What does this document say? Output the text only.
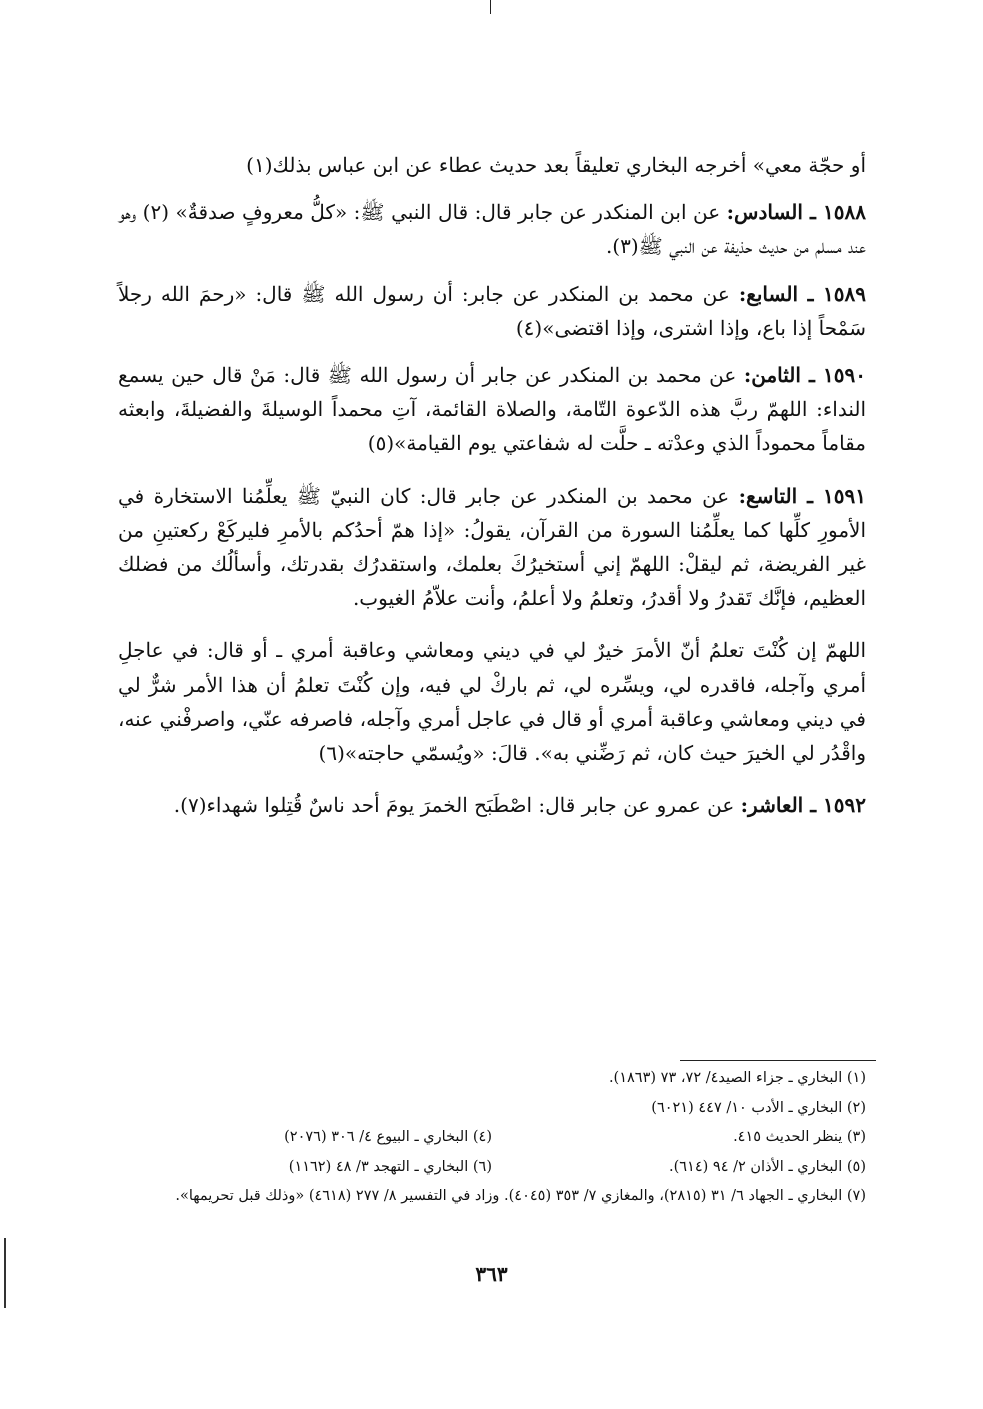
أو حجّة معي» أخرجه البخاري تعليقاً بعد حديث عطاء عن ابن عباس بذلك(١)

١٥٨٨ ـ السادس: عن ابن المنكدر عن جابر قال: قال النبي ﷺ: «كلُّ معروفٍ صدقةٌ» (٢) وهو عند مسلم من حديث حذيفة عن النبي ﷺ(٣).

١٥٨٩ ـ السابع: عن محمد بن المنكدر عن جابر: أن رسول الله ﷺ قال: «رحمَ الله رجلاً سَمْحاً إذا باع، وإذا اشترى، وإذا اقتضى»(٤)

١٥٩٠ ـ الثامن: عن محمد بن المنكدر عن جابر أن رسول الله ﷺ قال: مَنْ قال حين يسمع النداء: اللهمّ ربَّ هذه الدّعوة التّامة، والصلاة القائمة، آتِ محمداً الوسيلةَ والفضيلةَ، وابعثه مقاماً محموداً الذي وعدْته ـ حلَّت له شفاعتي يوم القيامة»(٥)

١٥٩١ ـ التاسع: عن محمد بن المنكدر عن جابر قال: كان النبيّ ﷺ يعلِّمُنا الاستخارة في الأمورِ كلِّها كما يعلِّمُنا السورة من القرآن، يقولُ: «إذا همّ أحدُكم بالأمرِ فليركَعْ ركعتينِ من غير الفريضة، ثم ليقلْ: اللهمّ إني أستخيرُكَ بعلمك، واستقدرُك بقدرتك، وأسألُك من فضلك العظيم، فإنَّك تَقدرُ ولا أقدرُ، وتعلمُ ولا أعلمُ، وأنت علاّمُ الغيوب.

اللهمّ إن كُنْتَ تعلمُ أنّ الأمرَ خيرٌ لي في ديني ومعاشي وعاقبة أمري ـ أو قال: في عاجلِ أمري وآجله، فاقدره لي، ويسِّره لي، ثم باركْ لي فيه، وإن كُنْتَ تعلمُ أن هذا الأمر شرٌّ لي في ديني ومعاشي وعاقبة أمري أو قال في عاجل أمري وآجله، فاصرفه عنّي، واصرفْني عنه، واقْدُر لي الخيرَ حيث كان، ثم رَضِّني به». قالَ: «ويُسمّي حاجته»(٦)

١٥٩٢ ـ العاشر: عن عمرو عن جابر قال: اصْطَبَح الخمرَ يومَ أحد ناسٌ قُتِلوا شهداء(٧).

(١) البخاري ـ جزاء الصيد٤/ ٧٢، ٧٣ (١٨٦٣).
(٢) البخاري ـ الأدب ١٠/ ٤٤٧ (٦٠٢١)
(٣) ينظر الحديث ٤١٥.
(٤) البخاري ـ البيوع ٤/ ٣٠٦ (٢٠٧٦)
(٥) البخاري ـ الأذان ٢/ ٩٤ (٦١٤).
(٦) البخاري ـ التهجد ٣/ ٤٨ (١١٦٢)
(٧) البخاري ـ الجهاد ٦/ ٣١ (٢٨١٥)، والمغازي ٧/ ٣٥٣ (٤٠٤٥). وزاد في التفسير ٨/ ٢٧٧ (٤٦١٨) «وذلك قبل تحريمها».
٣٦٣
